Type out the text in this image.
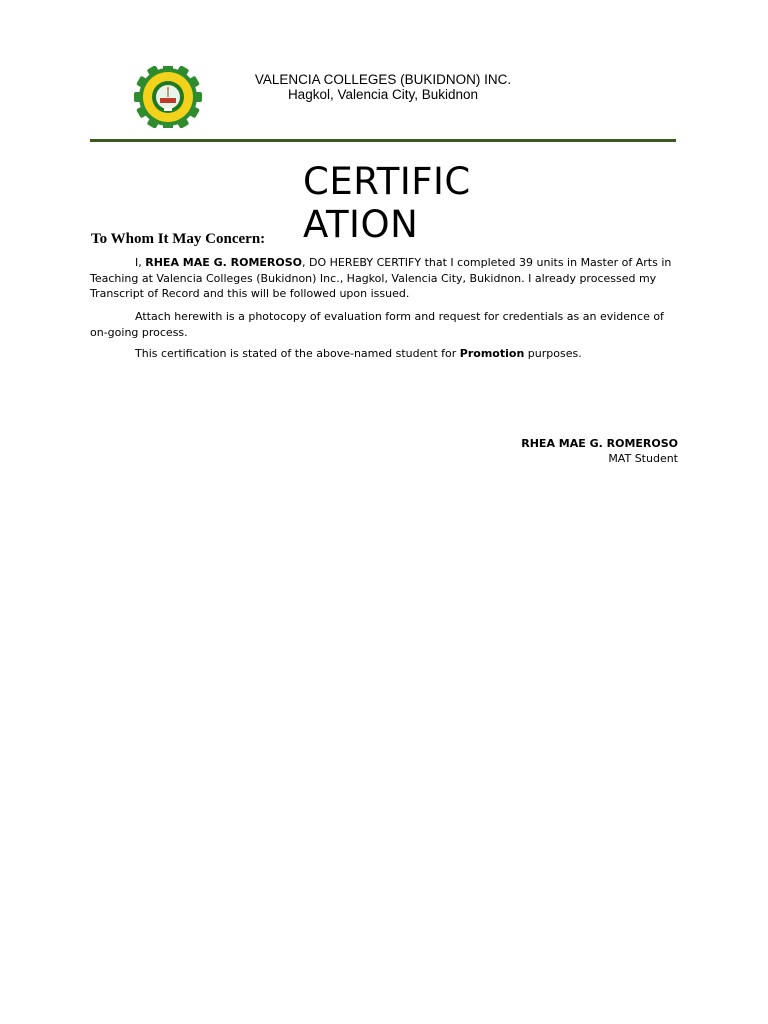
VALENCIA COLLEGES (BUKIDNON) INC.
Hagkol, Valencia City, Bukidnon
CERTIFICATION
To Whom It May Concern:
I, RHEA MAE G. ROMEROSO, DO HEREBY CERTIFY that I completed 39 units in Master of Arts in Teaching at Valencia Colleges (Bukidnon) Inc., Hagkol, Valencia City, Bukidnon. I already processed my Transcript of Record and this will be followed upon issued.
Attach herewith is a photocopy of evaluation form and request for credentials as an evidence of on-going process.
This certification is stated of the above-named student for Promotion purposes.
RHEA MAE G. ROMEROSO
MAT Student
